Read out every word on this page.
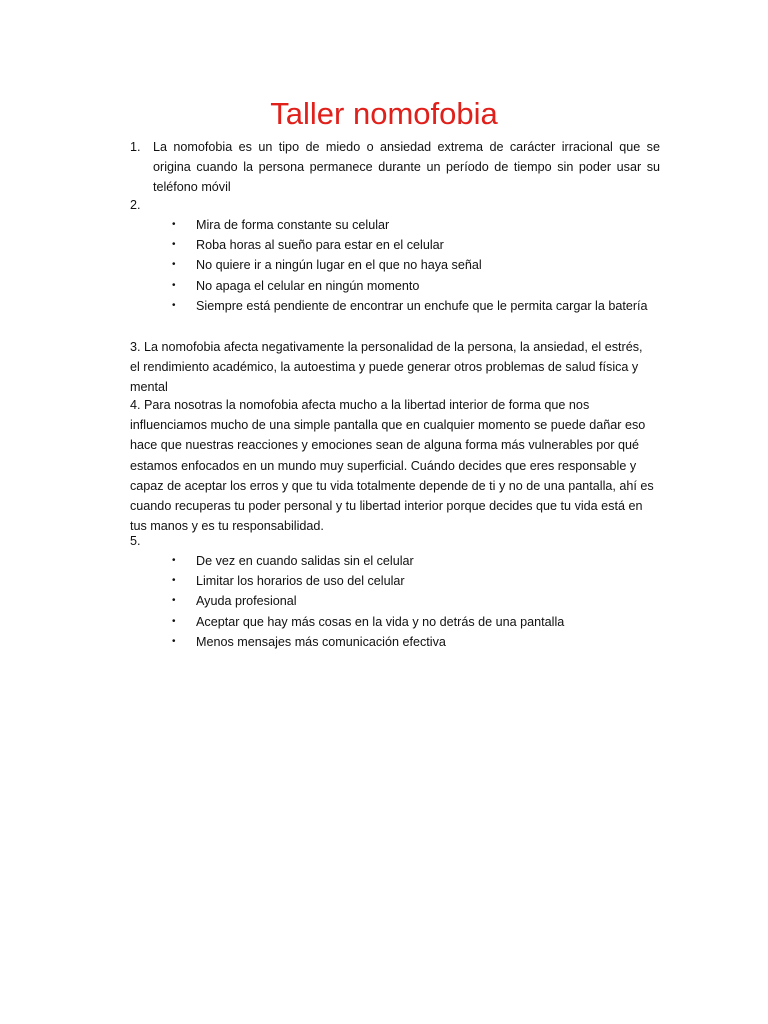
Taller nomofobia
1. La nomofobia es un tipo de miedo o ansiedad extrema de carácter irracional que se origina cuando la persona permanece durante un período de tiempo sin poder usar su teléfono móvil
2.
•	Mira de forma constante su celular
•	Roba horas al sueño para estar en el celular
•	No quiere ir a ningún lugar en el que no haya señal
•	No apaga el celular en ningún momento
•	Siempre está pendiente de encontrar un enchufe que le permita cargar la batería
3. La nomofobia afecta negativamente la personalidad de la persona, la ansiedad, el estrés, el rendimiento académico, la autoestima y puede generar otros problemas de salud física y mental
4. Para nosotras la nomofobia afecta mucho a la libertad interior de forma que nos influenciamos mucho de una simple pantalla que en cualquier momento se puede dañar eso hace que nuestras reacciones y emociones sean de alguna forma más vulnerables por qué estamos enfocados en un mundo muy superficial. Cuándo decides que eres responsable y capaz de aceptar los erros y que tu vida totalmente depende de ti y no de una pantalla, ahí es cuando recuperas tu poder personal y tu libertad interior porque decides que tu vida está en tus manos y es tu responsabilidad.
5.
•	De vez en cuando salidas sin el celular
•	Limitar los horarios de uso del celular
•	Ayuda profesional
•	Aceptar que hay más cosas en la vida y no detrás de una pantalla
•	Menos mensajes más comunicación efectiva
